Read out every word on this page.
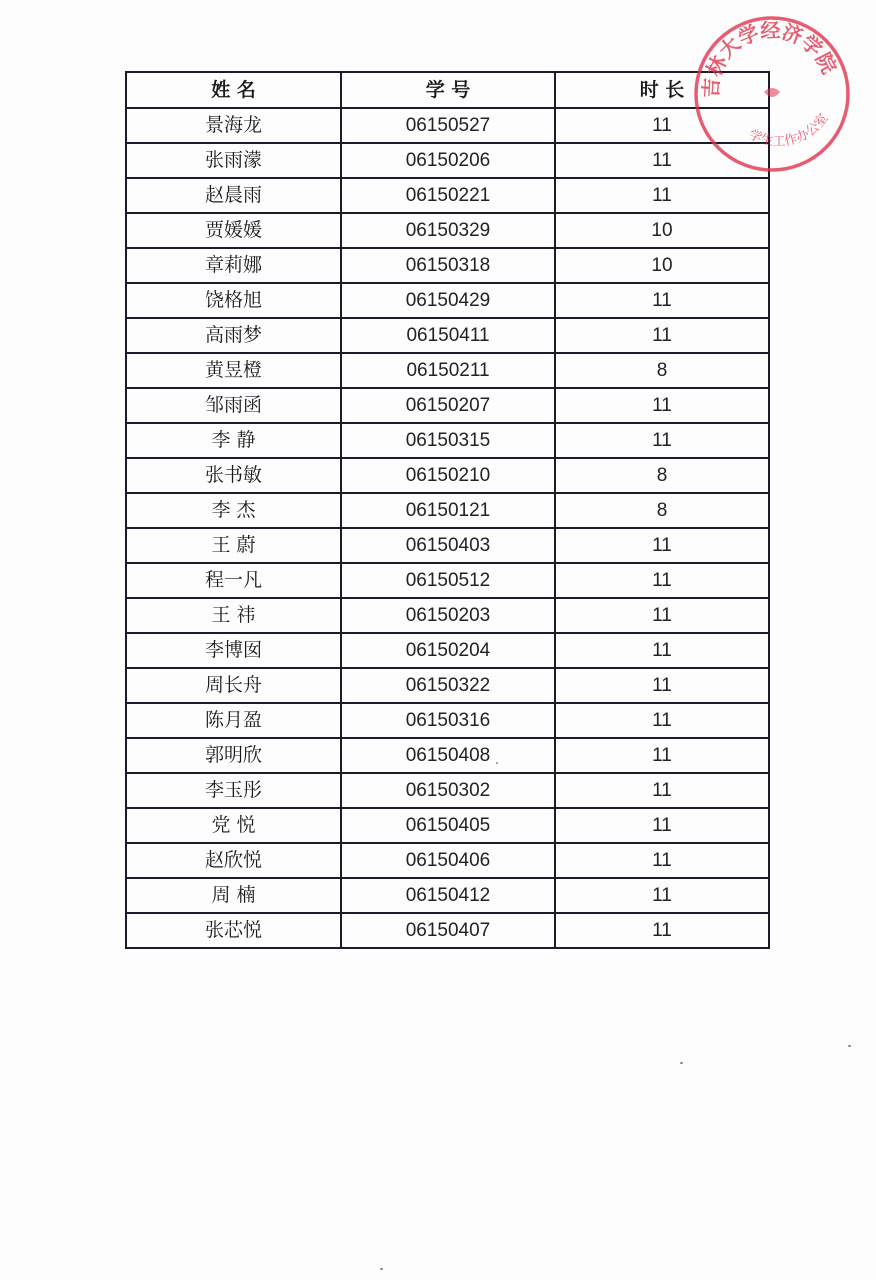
姓 名	学 号	时 长
景海龙	06150527	11
张雨濛	06150206	11
赵晨雨	06150221	11
贾媛媛	06150329	10
章莉娜	06150318	10
饶格旭	06150429	11
高雨梦	06150411	11
黄昱橙	06150211	8
邹雨函	06150207	11
李 静	06150315	11
张书敏	06150210	8
李 杰	06150121	8
王 蔚	06150403	11
程一凡	06150512	11
王 祎	06150203	11
李博囡	06150204	11
周长舟	06150322	11
陈月盈	06150316	11
郭明欣	06150408	11
李玉彤	06150302	11
党 悦	06150405	11
赵欣悦	06150406	11
周 楠	06150412	11
张芯悦	06150407	11
吉林大学经济学院
学生工作办公室
